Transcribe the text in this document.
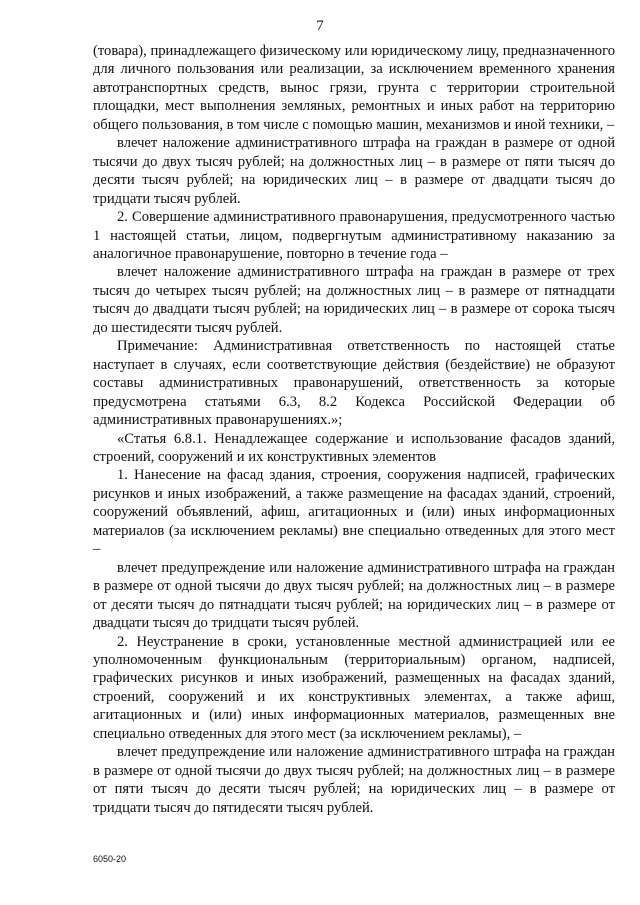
7

(товара), принадлежащего физическому или юридическому лицу, предназначенного для личного пользования или реализации, за исключением временного хранения автотранспортных средств, вынос грязи, грунта с территории строительной площадки, мест выполнения земляных, ремонтных и иных работ на территорию общего пользования, в том числе с помощью машин, механизмов и иной техники, –

влечет наложение административного штрафа на граждан в размере от одной тысячи до двух тысяч рублей; на должностных лиц – в размере от пяти тысяч до десяти тысяч рублей; на юридических лиц – в размере от двадцати тысяч до тридцати тысяч рублей.

2. Совершение административного правонарушения, предусмотренного частью 1 настоящей статьи, лицом, подвергнутым административному наказанию за аналогичное правонарушение, повторно в течение года –

влечет наложение административного штрафа на граждан в размере от трех тысяч до четырех тысяч рублей; на должностных лиц – в размере от пятнадцати тысяч до двадцати тысяч рублей; на юридических лиц – в размере от сорока тысяч до шестидесяти тысяч рублей.

Примечание: Административная ответственность по настоящей статье наступает в случаях, если соответствующие действия (бездействие) не образуют составы административных правонарушений, ответственность за которые предусмотрена статьями 6.3, 8.2 Кодекса Российской Федерации об административных правонарушениях.»;

«Статья 6.8.1. Ненадлежащее содержание и использование фасадов зданий, строений, сооружений и их конструктивных элементов

1. Нанесение на фасад здания, строения, сооружения надписей, графических рисунков и иных изображений, а также размещение на фасадах зданий, строений, сооружений объявлений, афиш, агитационных и (или) иных информационных материалов (за исключением рекламы) вне специально отведенных для этого мест –

влечет предупреждение или наложение административного штрафа на граждан в размере от одной тысячи до двух тысяч рублей; на должностных лиц – в размере от десяти тысяч до пятнадцати тысяч рублей; на юридических лиц – в размере от двадцати тысяч до тридцати тысяч рублей.

2. Неустранение в сроки, установленные местной администрацией или ее уполномоченным функциональным (территориальным) органом, надписей, графических рисунков и иных изображений, размещенных на фасадах зданий, строений, сооружений и их конструктивных элементах, а также афиш, агитационных и (или) иных информационных материалов, размещенных вне специально отведенных для этого мест (за исключением рекламы), –

влечет предупреждение или наложение административного штрафа на граждан в размере от одной тысячи до двух тысяч рублей; на должностных лиц – в размере от пяти тысяч до десяти тысяч рублей; на юридических лиц – в размере от тридцати тысяч до пятидесяти тысяч рублей.

6050-20
